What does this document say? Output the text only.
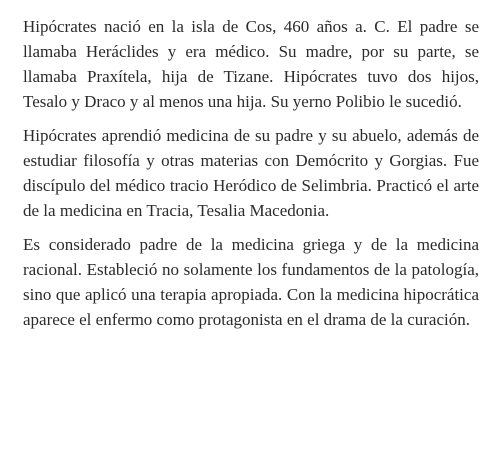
Hipócrates nació en la isla de Cos, 460 años a. C. El padre se llamaba Heráclides y era médico. Su madre, por su parte, se llamaba Praxítela, hija de Tizane. Hipócrates tuvo dos hijos, Tesalo y Draco y al menos una hija. Su yerno Polibio le sucedió.

Hipócrates aprendió medicina de su padre y su abuelo, además de estudiar filosofía y otras materias con Demócrito y Gorgias. Fue discípulo del médico tracio Heródico de Selimbria. Practicó el arte de la medicina en Tracia, Tesalia Macedonia.

Es considerado padre de la medicina griega y de la medicina racional. Estableció no solamente los fundamentos de la patología, sino que aplicó una terapia apropiada. Con la medicina hipocrática aparece el enfermo como protagonista en el drama de la curación.
